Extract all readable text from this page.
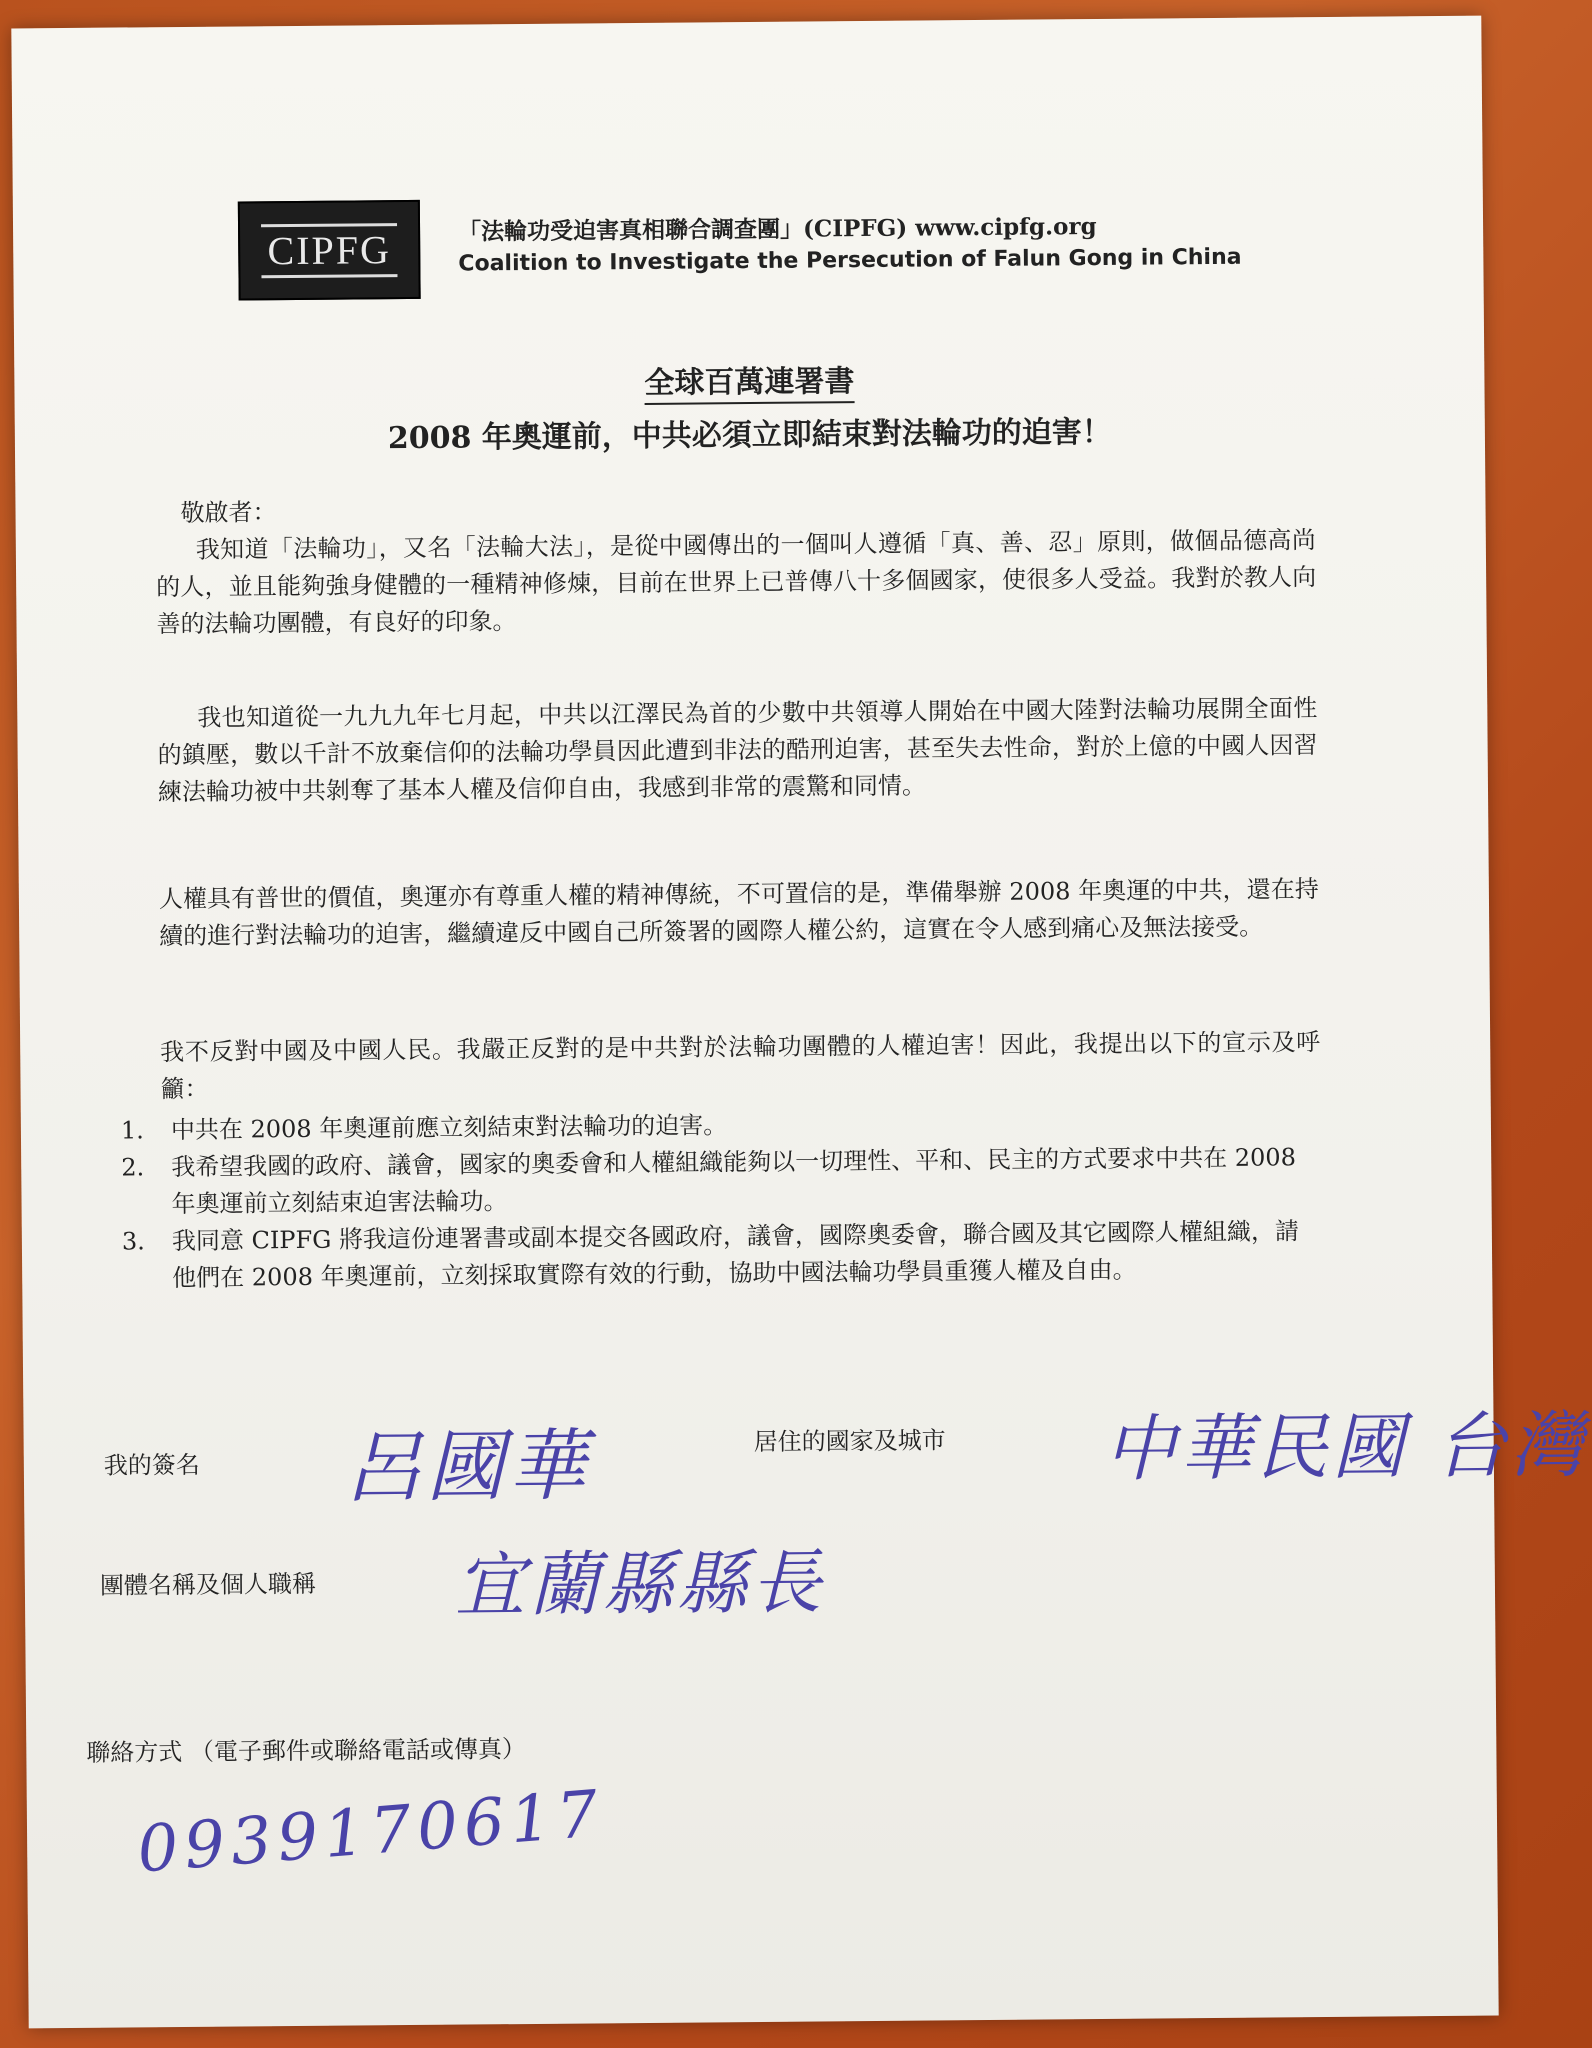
CIPFG	「法輪功受迫害真相聯合調查團」(CIPFG) www.cipfg.org
Coalition to Investigate the Persecution of Falun Gong in China
全球百萬連署書
2008 年奧運前，中共必須立即結束對法輪功的迫害！
敬啟者：
我知道「法輪功」，又名「法輪大法」，是從中國傳出的一個叫人遵循「真、善、忍」原則，做個品德高尚的人，並且能夠強身健體的一種精神修煉，目前在世界上已普傳八十多個國家，使很多人受益。我對於教人向善的法輪功團體，有良好的印象。
我也知道從一九九九年七月起，中共以江澤民為首的少數中共領導人開始在中國大陸對法輪功展開全面性的鎮壓，數以千計不放棄信仰的法輪功學員因此遭到非法的酷刑迫害，甚至失去性命，對於上億的中國人因習練法輪功被中共剝奪了基本人權及信仰自由，我感到非常的震驚和同情。
人權具有普世的價值，奧運亦有尊重人權的精神傳統，不可置信的是，準備舉辦 2008 年奧運的中共，還在持續的進行對法輪功的迫害，繼續違反中國自己所簽署的國際人權公約，這實在令人感到痛心及無法接受。
我不反對中國及中國人民。我嚴正反對的是中共對於法輪功團體的人權迫害！因此，我提出以下的宣示及呼籲：
1. 中共在 2008 年奧運前應立刻結束對法輪功的迫害。
2. 我希望我國的政府、議會，國家的奧委會和人權組織能夠以一切理性、平和、民主的方式要求中共在 2008 年奧運前立刻結束迫害法輪功。
3. 我同意 CIPFG 將我這份連署書或副本提交各國政府，議會，國際奧委會，聯合國及其它國際人權組織，請他們在 2008 年奧運前，立刻採取實際有效的行動，協助中國法輪功學員重獲人權及自由。
我的簽名 呂國華	居住的國家及城市 中華民國 台灣
團體名稱及個人職稱 宜蘭縣縣長
聯絡方式 （電子郵件或聯絡電話或傳真）
0939170617
